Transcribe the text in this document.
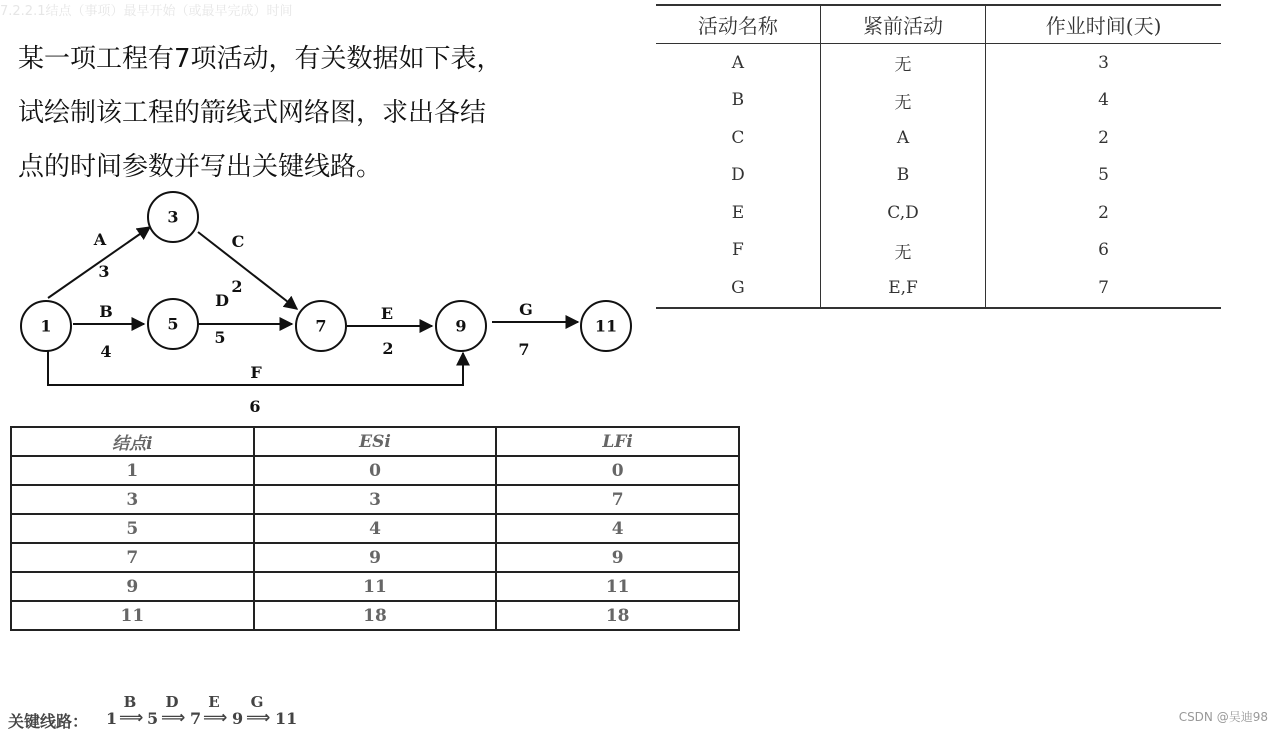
7.2.2.1结点（事项）最早开始（或最早完成）时间
某一项工程有7项活动，有关数据如下表，
试绘制该工程的箭线式网络图，求出各结
点的时间参数并写出关键线路。
活动名称	紧前活动	作业时间(天)
A	无	3
B	无	4
C	A	2
D	B	5
E	C,D	2
F	无	6
G	E,F	7
1
3
5	7	9	11
A
3
B
4
C
2
D
5
E
2
F
6
G
7
结点i	ESi	LFi
1	0	0
3	3	7
5	4	4
7	9	9
9	11	11
11	18	18
关键线路： 1
B
⟹ 5
D
⟹ 7
E
⟹ 9
G
⟹ 11	CSDN @吴迪98
